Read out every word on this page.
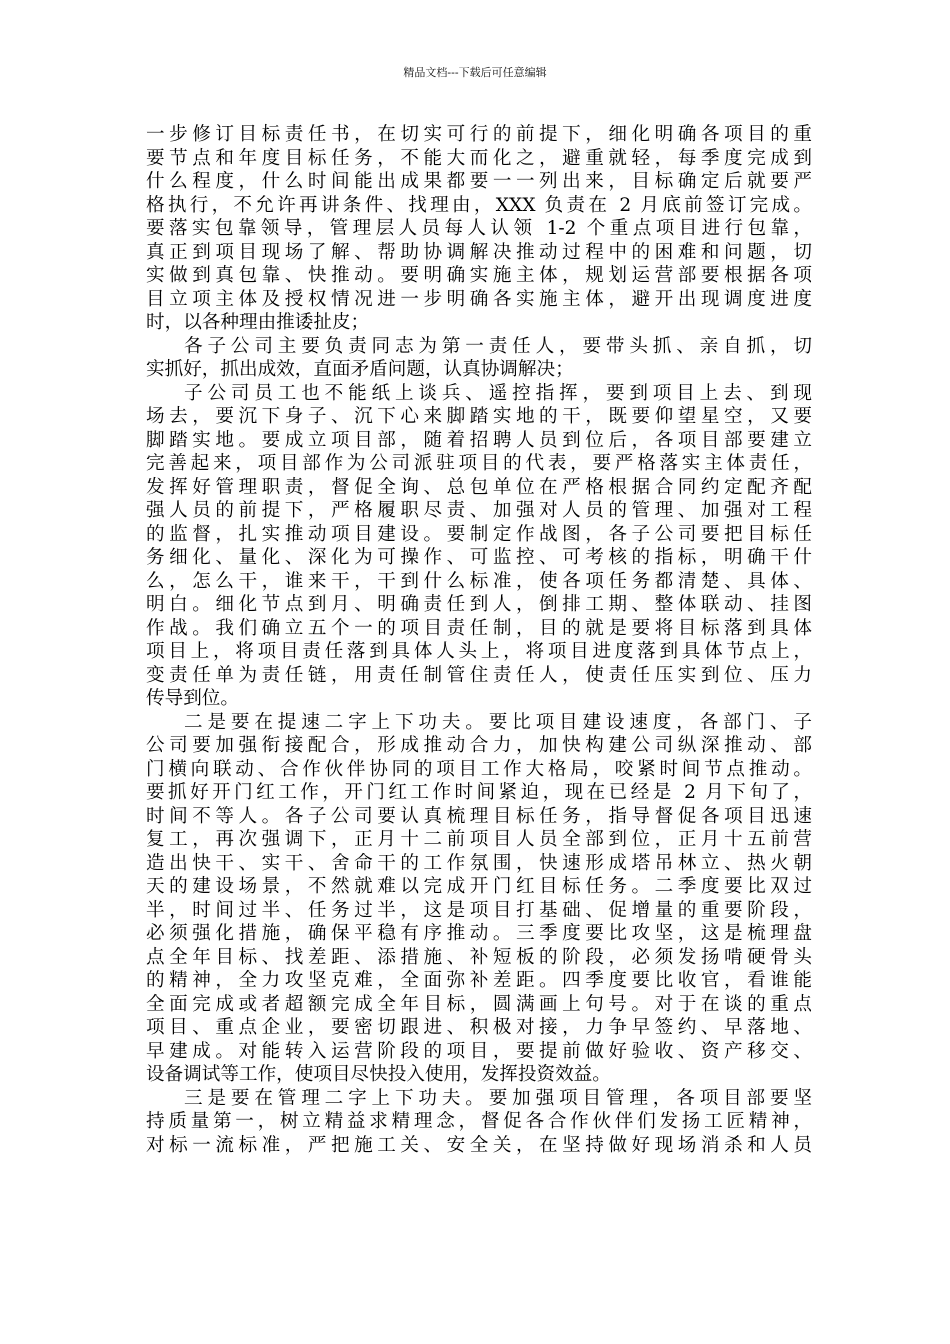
精品文档---下载后可任意编辑
一步修订目标责任书，在切实可行的前提下，细化明确各项目的重
要节点和年度目标任务，不能大而化之，避重就轻，每季度完成到
什么程度，什么时间能出成果都要一一列出来，目标确定后就要严
格执行，不允许再讲条件、找理由，XXX 负责在 2 月底前签订完成。
要落实包靠领导，管理层人员每人认领 1-2 个重点项目进行包靠，
真正到项目现场了解、帮助协调解决推动过程中的困难和问题，切
实做到真包靠、快推动。要明确实施主体，规划运营部要根据各项
目立项主体及授权情况进一步明确各实施主体，避开出现调度进度
时，以各种理由推诿扯皮；
各子公司主要负责同志为第一责任人，要带头抓、亲自抓，切
实抓好，抓出成效，直面矛盾问题，认真协调解决；
子公司员工也不能纸上谈兵、遥控指挥，要到项目上去、到现
场去，要沉下身子、沉下心来脚踏实地的干，既要仰望星空，又要
脚踏实地。要成立项目部，随着招聘人员到位后，各项目部要建立
完善起来，项目部作为公司派驻项目的代表，要严格落实主体责任，
发挥好管理职责，督促全询、总包单位在严格根据合同约定配齐配
强人员的前提下，严格履职尽责、加强对人员的管理、加强对工程
的监督，扎实推动项目建设。要制定作战图，各子公司要把目标任
务细化、量化、深化为可操作、可监控、可考核的指标，明确干什
么，怎么干，谁来干，干到什么标准，使各项任务都清楚、具体、
明白。细化节点到月、明确责任到人，倒排工期、整体联动、挂图
作战。我们确立五个一的项目责任制，目的就是要将目标落到具体
项目上，将项目责任落到具体人头上，将项目进度落到具体节点上，
变责任单为责任链，用责任制管住责任人，使责任压实到位、压力
传导到位。
二是要在提速二字上下功夫。要比项目建设速度，各部门、子
公司要加强衔接配合，形成推动合力，加快构建公司纵深推动、部
门横向联动、合作伙伴协同的项目工作大格局，咬紧时间节点推动。
要抓好开门红工作，开门红工作时间紧迫，现在已经是 2 月下旬了，
时间不等人。各子公司要认真梳理目标任务，指导督促各项目迅速
复工，再次强调下，正月十二前项目人员全部到位，正月十五前营
造出快干、实干、舍命干的工作氛围，快速形成塔吊林立、热火朝
天的建设场景，不然就难以完成开门红目标任务。二季度要比双过
半，时间过半、任务过半，这是项目打基础、促增量的重要阶段，
必须强化措施，确保平稳有序推动。三季度要比攻坚，这是梳理盘
点全年目标、找差距、添措施、补短板的阶段，必须发扬啃硬骨头
的精神，全力攻坚克难，全面弥补差距。四季度要比收官，看谁能
全面完成或者超额完成全年目标，圆满画上句号。对于在谈的重点
项目、重点企业，要密切跟进、积极对接，力争早签约、早落地、
早建成。对能转入运营阶段的项目，要提前做好验收、资产移交、
设备调试等工作，使项目尽快投入使用，发挥投资效益。
三是要在管理二字上下功夫。要加强项目管理，各项目部要坚
持质量第一，树立精益求精理念，督促各合作伙伴们发扬工匠精神，
对标一流标准，严把施工关、安全关，在坚持做好现场消杀和人员
